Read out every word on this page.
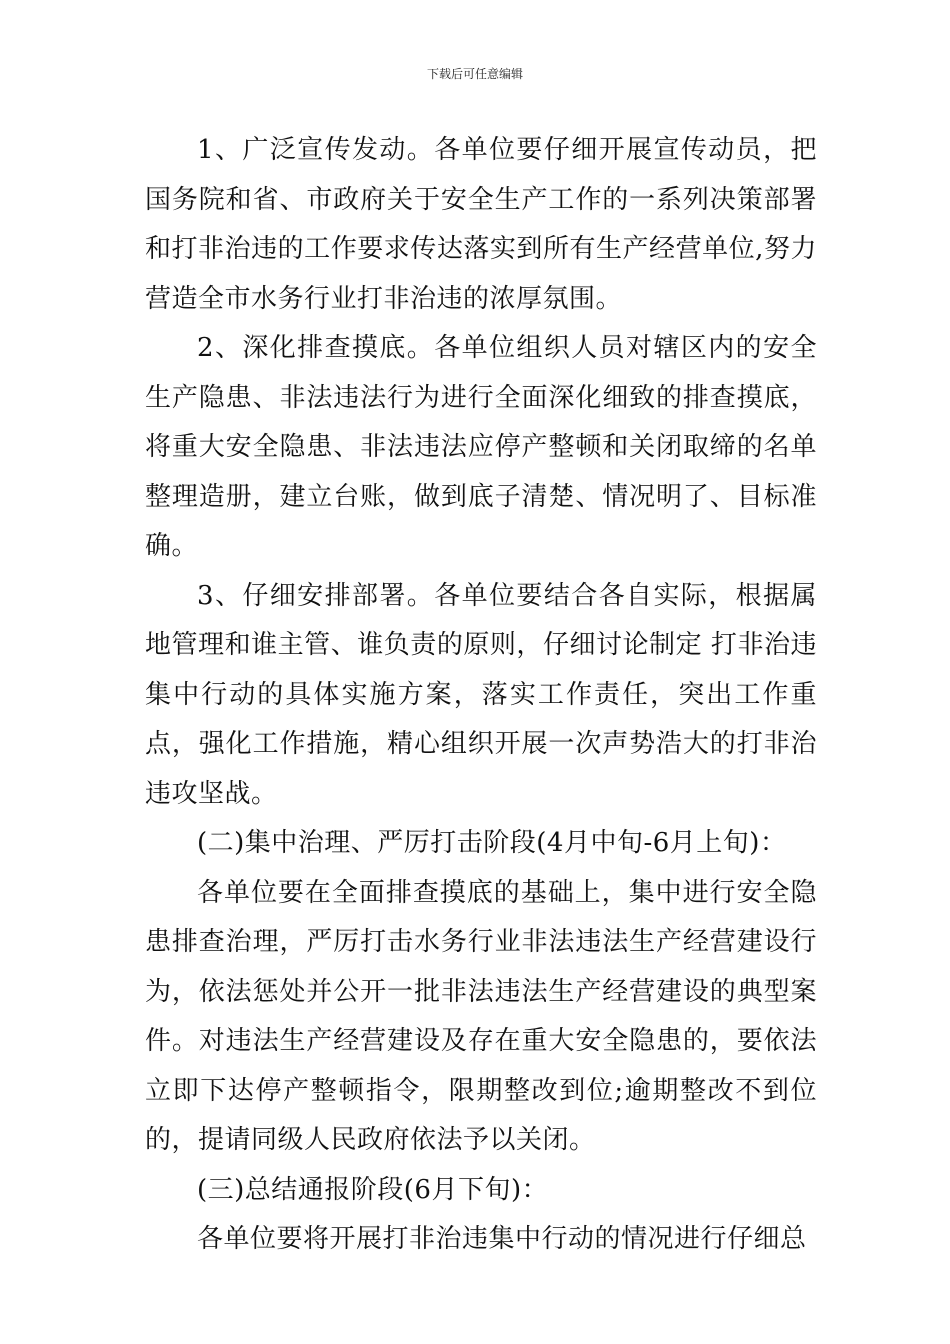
下载后可任意编辑

1、广泛宣传发动。各单位要仔细开展宣传动员，把国务院和省、市政府关于安全生产工作的一系列决策部署和打非治违的工作要求传达落实到所有生产经营单位,努力营造全市水务行业打非治违的浓厚氛围。

2、深化排查摸底。各单位组织人员对辖区内的安全生产隐患、非法违法行为进行全面深化细致的排查摸底，将重大安全隐患、非法违法应停产整顿和关闭取缔的名单整理造册，建立台账，做到底子清楚、情况明了、目标准确。

3、仔细安排部署。各单位要结合各自实际，根据属地管理和谁主管、谁负责的原则，仔细讨论制定 打非治违集中行动的具体实施方案，落实工作责任，突出工作重点，强化工作措施，精心组织开展一次声势浩大的打非治违攻坚战。

(二)集中治理、严厉打击阶段(4月中旬-6月上旬)：

各单位要在全面排查摸底的基础上，集中进行安全隐患排查治理，严厉打击水务行业非法违法生产经营建设行为，依法惩处并公开一批非法违法生产经营建设的典型案件。对违法生产经营建设及存在重大安全隐患的，要依法立即下达停产整顿指令，限期整改到位;逾期整改不到位的，提请同级人民政府依法予以关闭。

(三)总结通报阶段(6月下旬)：

各单位要将开展打非治违集中行动的情况进行仔细总
